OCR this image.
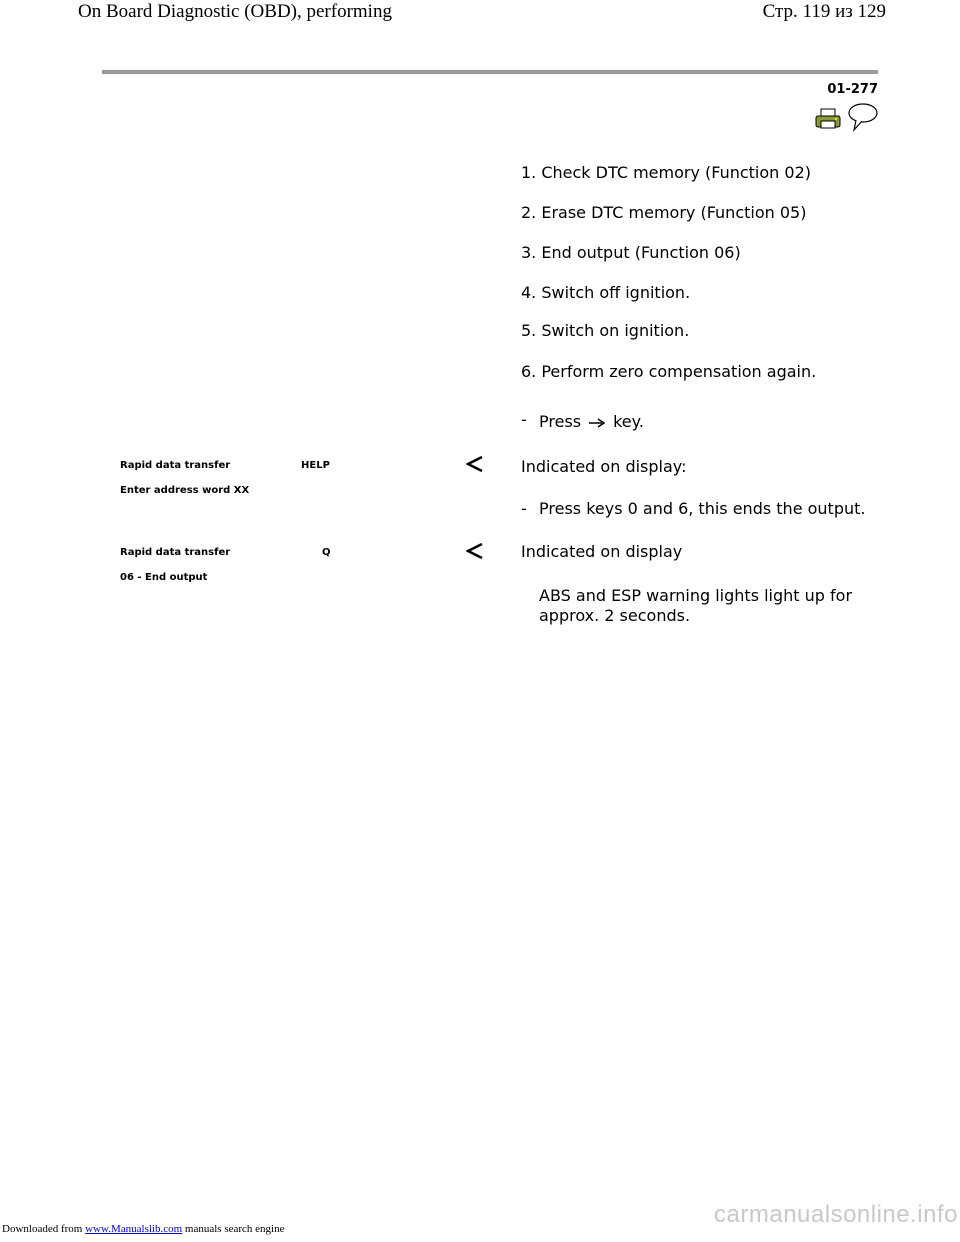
On Board Diagnostic (OBD), performing	Стр. 119 из 129
01-277
1. Check DTC memory (Function 02)
2. Erase DTC memory (Function 05)
3. End output (Function 06)
4. Switch off ignition.
5. Switch on ignition.
6. Perform zero compensation again.
- Press key.
Rapid data transfer	HELP
Enter address word XX
Indicated on display:
- Press keys 0 and 6, this ends the output.
Rapid data transfer	Q
06 - End output
Indicated on display
ABS and ESP warning lights light up for
approx. 2 seconds.
Downloaded from www.Manualslib.com manuals search engine
carmanualsonline.info
